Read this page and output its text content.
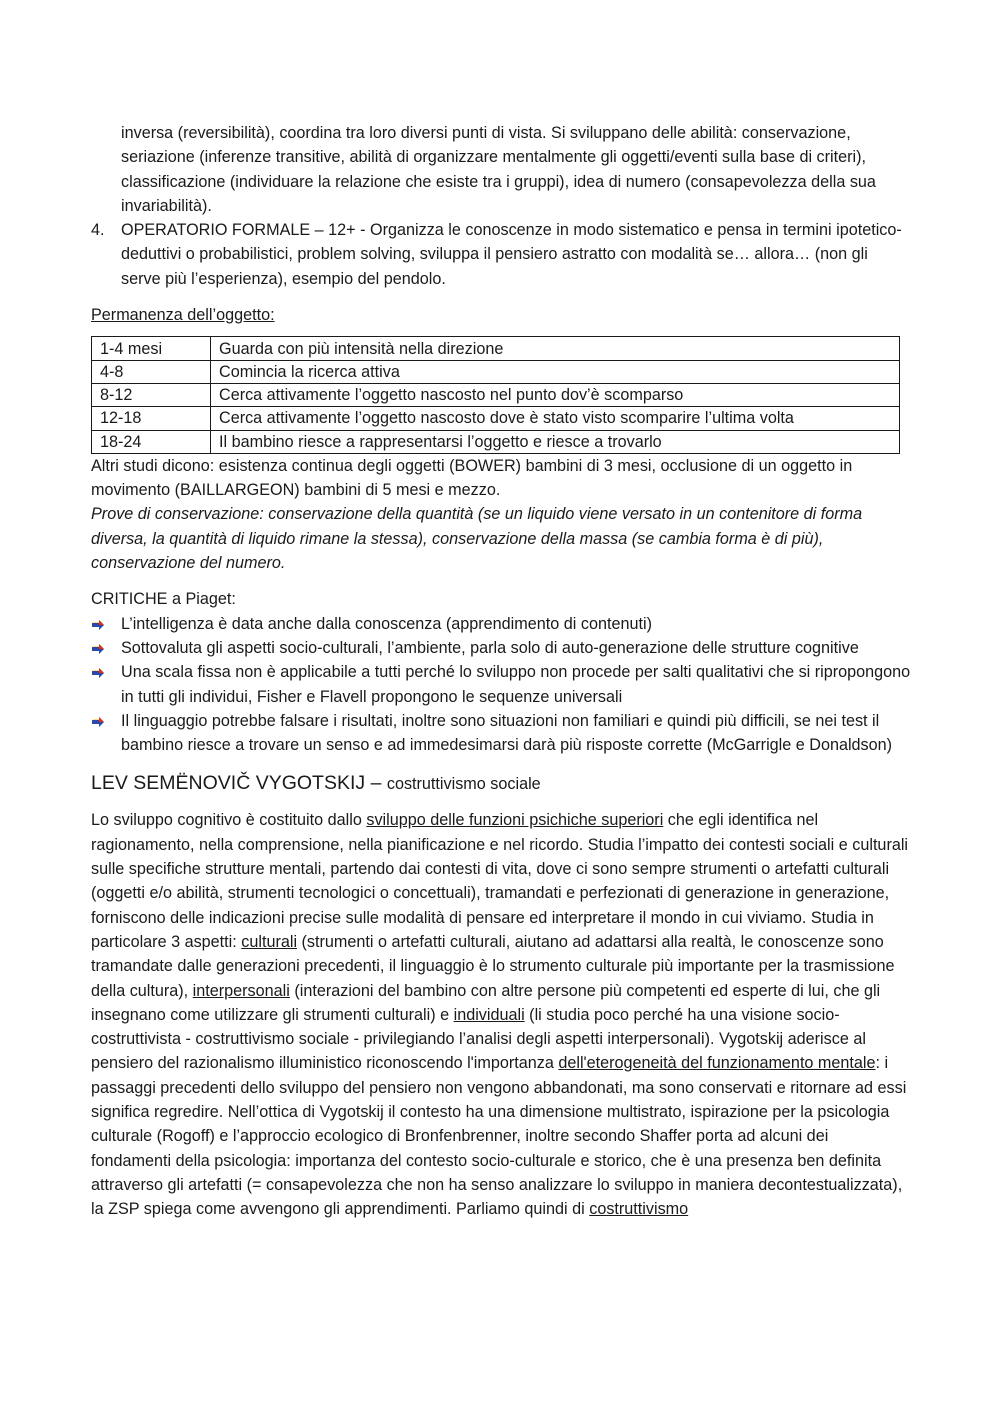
inversa (reversibilità), coordina tra loro diversi punti di vista. Si sviluppano delle abilità: conservazione, seriazione (inferenze transitive, abilità di organizzare mentalmente gli oggetti/eventi sulla base di criteri), classificazione (individuare la relazione che esiste tra i gruppi), idea di numero (consapevolezza della sua invariabilità).

4. OPERATORIO FORMALE – 12+ - Organizza le conoscenze in modo sistematico e pensa in termini ipotetico-deduttivi o probabilistici, problem solving, sviluppa il pensiero astratto con modalità se… allora… (non gli serve più l’esperienza), esempio del pendolo.

Permanenza dell’oggetto:

1-4 mesi	Guarda con più intensità nella direzione
4-8	Comincia la ricerca attiva
8-12	Cerca attivamente l’oggetto nascosto nel punto dov’è scomparso
12-18	Cerca attivamente l’oggetto nascosto dove è stato visto scomparire l’ultima volta
18-24	Il bambino riesce a rappresentarsi l’oggetto e riesce a trovarlo

Altri studi dicono: esistenza continua degli oggetti (BOWER) bambini di 3 mesi, occlusione di un oggetto in movimento (BAILLARGEON) bambini di 5 mesi e mezzo.

Prove di conservazione: conservazione della quantità (se un liquido viene versato in un contenitore di forma diversa, la quantità di liquido rimane la stessa), conservazione della massa (se cambia forma è di più), conservazione del numero.

CRITICHE a Piaget:

L’intelligenza è data anche dalla conoscenza (apprendimento di contenuti)
Sottovaluta gli aspetti socio-culturali, l’ambiente, parla solo di auto-generazione delle strutture cognitive
Una scala fissa non è applicabile a tutti perché lo sviluppo non procede per salti qualitativi che si ripropongono in tutti gli individui, Fisher e Flavell propongono le sequenze universali
Il linguaggio potrebbe falsare i risultati, inoltre sono situazioni non familiari e quindi più difficili, se nei test il bambino riesce a trovare un senso e ad immedesimarsi darà più risposte corrette (McGarrigle e Donaldson)
LEV SEMËNOVIČ VYGOTSKIJ – costruttivismo sociale

Lo sviluppo cognitivo è costituito dallo sviluppo delle funzioni psichiche superiori che egli identifica nel ragionamento, nella comprensione, nella pianificazione e nel ricordo. Studia l’impatto dei contesti sociali e culturali sulle specifiche strutture mentali, partendo dai contesti di vita, dove ci sono sempre strumenti o artefatti culturali (oggetti e/o abilità, strumenti tecnologici o concettuali), tramandati e perfezionati di generazione in generazione, forniscono delle indicazioni precise sulle modalità di pensare ed interpretare il mondo in cui viviamo. Studia in particolare 3 aspetti: culturali (strumenti o artefatti culturali, aiutano ad adattarsi alla realtà, le conoscenze sono tramandate dalle generazioni precedenti, il linguaggio è lo strumento culturale più importante per la trasmissione della cultura), interpersonali (interazioni del bambino con altre persone più competenti ed esperte di lui, che gli insegnano come utilizzare gli strumenti culturali) e individuali (li studia poco perché ha una visione socio-costruttivista - costruttivismo sociale - privilegiando l’analisi degli aspetti interpersonali). Vygotskij aderisce al pensiero del razionalismo illuministico riconoscendo l'importanza dell'eterogeneità del funzionamento mentale: i passaggi precedenti dello sviluppo del pensiero non vengono abbandonati, ma sono conservati e ritornare ad essi significa regredire. Nell’ottica di Vygotskij il contesto ha una dimensione multistrato, ispirazione per la psicologia culturale (Rogoff) e l’approccio ecologico di Bronfenbrenner, inoltre secondo Shaffer porta ad alcuni dei fondamenti della psicologia: importanza del contesto socio-culturale e storico, che è una presenza ben definita attraverso gli artefatti (= consapevolezza che non ha senso analizzare lo sviluppo in maniera decontestualizzata), la ZSP spiega come avvengono gli apprendimenti. Parliamo quindi di costruttivismo
